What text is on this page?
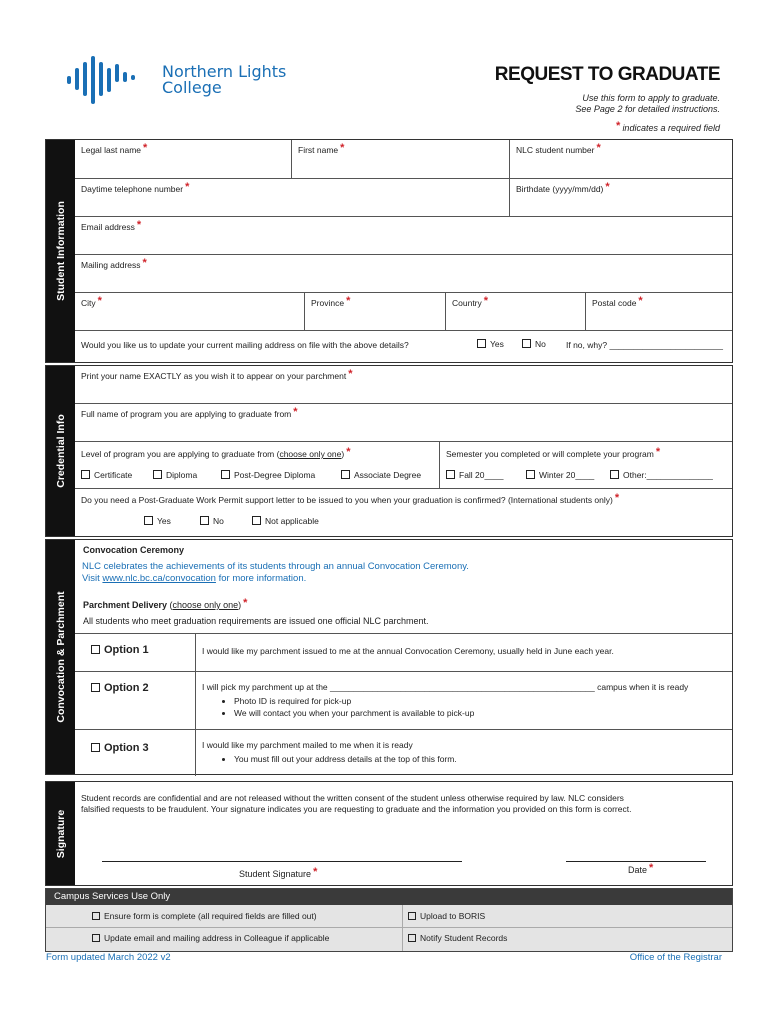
Northern Lights
College
REQUEST TO GRADUATE
Use this form to apply to graduate.
See Page 2 for detailed instructions.
* indicates a required field
Student Information
Legal last name *	First name *	NLC student number *
Daytime telephone number *	Birthdate (yyyy/mm/dd) *
Email address *
Mailing address *
City *	Province *	Country *	Postal code *
Would you like us to update your current mailing address on file with the above details?	Yes	No If no, why? ________________________
Credential Info
Print your name EXACTLY as you wish it to appear on your parchment *
Full name of program you are applying to graduate from *
Level of program you are applying to graduate from (choose only one) *
Certificate	Diploma	Post-Degree Diploma	Associate Degree
Semester you completed or will complete your program *
Fall 20____	Winter 20____	Other:______________
Do you need a Post-Graduate Work Permit support letter to be issued to you when your graduation is confirmed? (International students only) *
Yes	No	Not applicable
Convocation & Parchment
Convocation Ceremony
NLC celebrates the achievements of its students through an annual Convocation Ceremony.
Visit www.nlc.bc.ca/convocation for more information.
Parchment Delivery (choose only one) *
All students who meet graduation requirements are issued one official NLC parchment.
Option 1	I would like my parchment issued to me at the annual Convocation Ceremony, usually held in June each year.
Option 2	I will pick my parchment up at the ________________________________________________________ campus when it is ready
• Photo ID is required for pick-up
• We will contact you when your parchment is available to pick-up
Option 3	I would like my parchment mailed to me when it is ready
• You must fill out your address details at the top of this form.
Signature
Student records are confidential and are not released without the written consent of the student unless otherwise required by law. NLC considers
falsified requests to be fraudulent. Your signature indicates you are requesting to graduate and the information you provided on this form is correct.
Student Signature *	Date *
Campus Services Use Only
Ensure form is complete (all required fields are filled out)	Upload to BORIS
Update email and mailing address in Colleague if applicable	Notify Student Records
Form updated March 2022 v2	Office of the Registrar
